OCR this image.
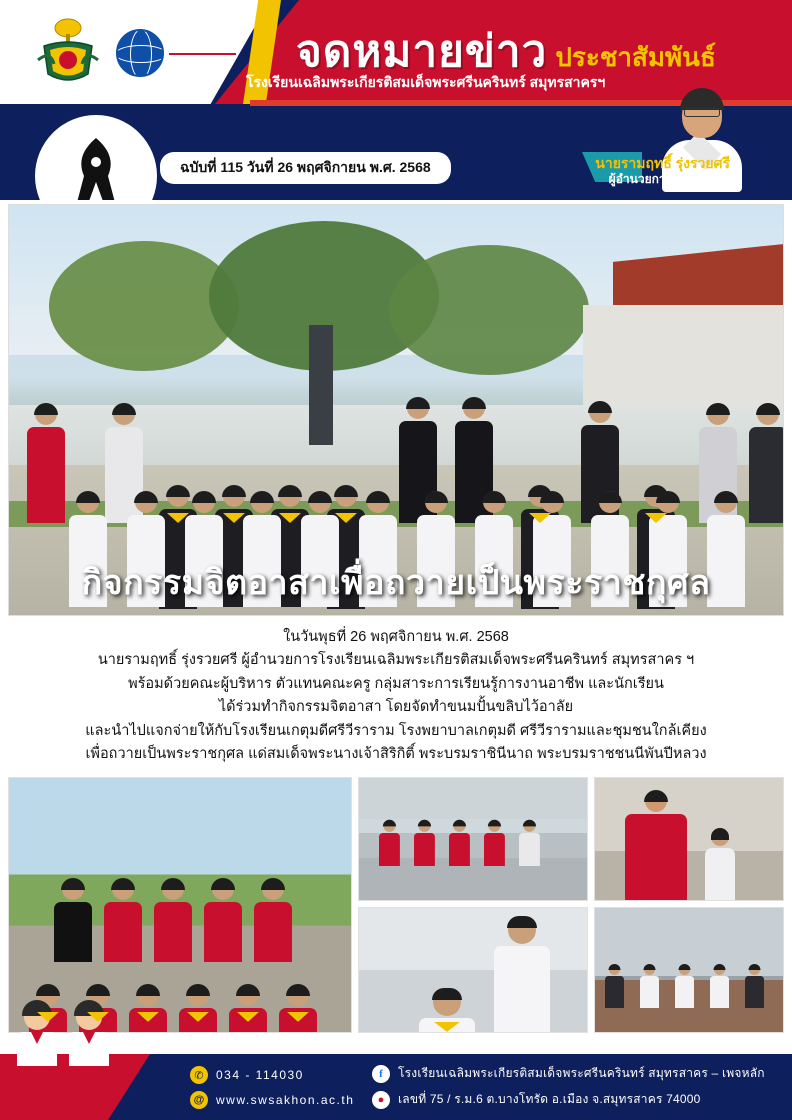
WORLD-CLASS
STANDARD SCHOOL	จดหมายข่าว ประชาสัมพันธ์
โรงเรียนเฉลิมพระเกียรติสมเด็จพระศรีนครินทร์ สมุทรสาครฯ
ฉบับที่ 115 วันที่ 26 พฤศจิกายน พ.ศ. 2568	นายรามฤทธิ์ รุ่งรวยศรี
ผู้อำนวยการโรงเรียน
กิจกรรมจิตอาสาเพื่อถวายเป็นพระราชกุศล

ในวันพุธที่ 26 พฤศจิกายน พ.ศ. 2568

นายรามฤทธิ์ รุ่งรวยศรี ผู้อำนวยการโรงเรียนเฉลิมพระเกียรติสมเด็จพระศรีนครินทร์ สมุทรสาคร ฯ

พร้อมด้วยคณะผู้บริหาร ตัวแทนคณะครู กลุ่มสาระการเรียนรู้การงานอาชีพ และนักเรียน

ได้ร่วมทำกิจกรรมจิตอาสา โดยจัดทำขนมปั้นขลิบไว้อาลัย

และนำไปแจกจ่ายให้กับโรงเรียนเกตุมดีศรีวีราราม โรงพยาบาลเกตุมดี ศรีวีรารามและชุมชนใกล้เคียง

เพื่อถวายเป็นพระราชกุศล แด่สมเด็จพระนางเจ้าสิริกิติ์ พระบรมราชินีนาถ พระบรมราชชนนีพันปีหลวง

✆	034 - 114030
@ www.swsakhon.ac.th
f	โรงเรียนเฉลิมพระเกียรติสมเด็จพระศรีนครินทร์ สมุทรสาคร – เพจหลัก
●	เลขที่ 75 / ร.ม.6 ต.บางโทรัด อ.เมือง จ.สมุทรสาคร 74000
